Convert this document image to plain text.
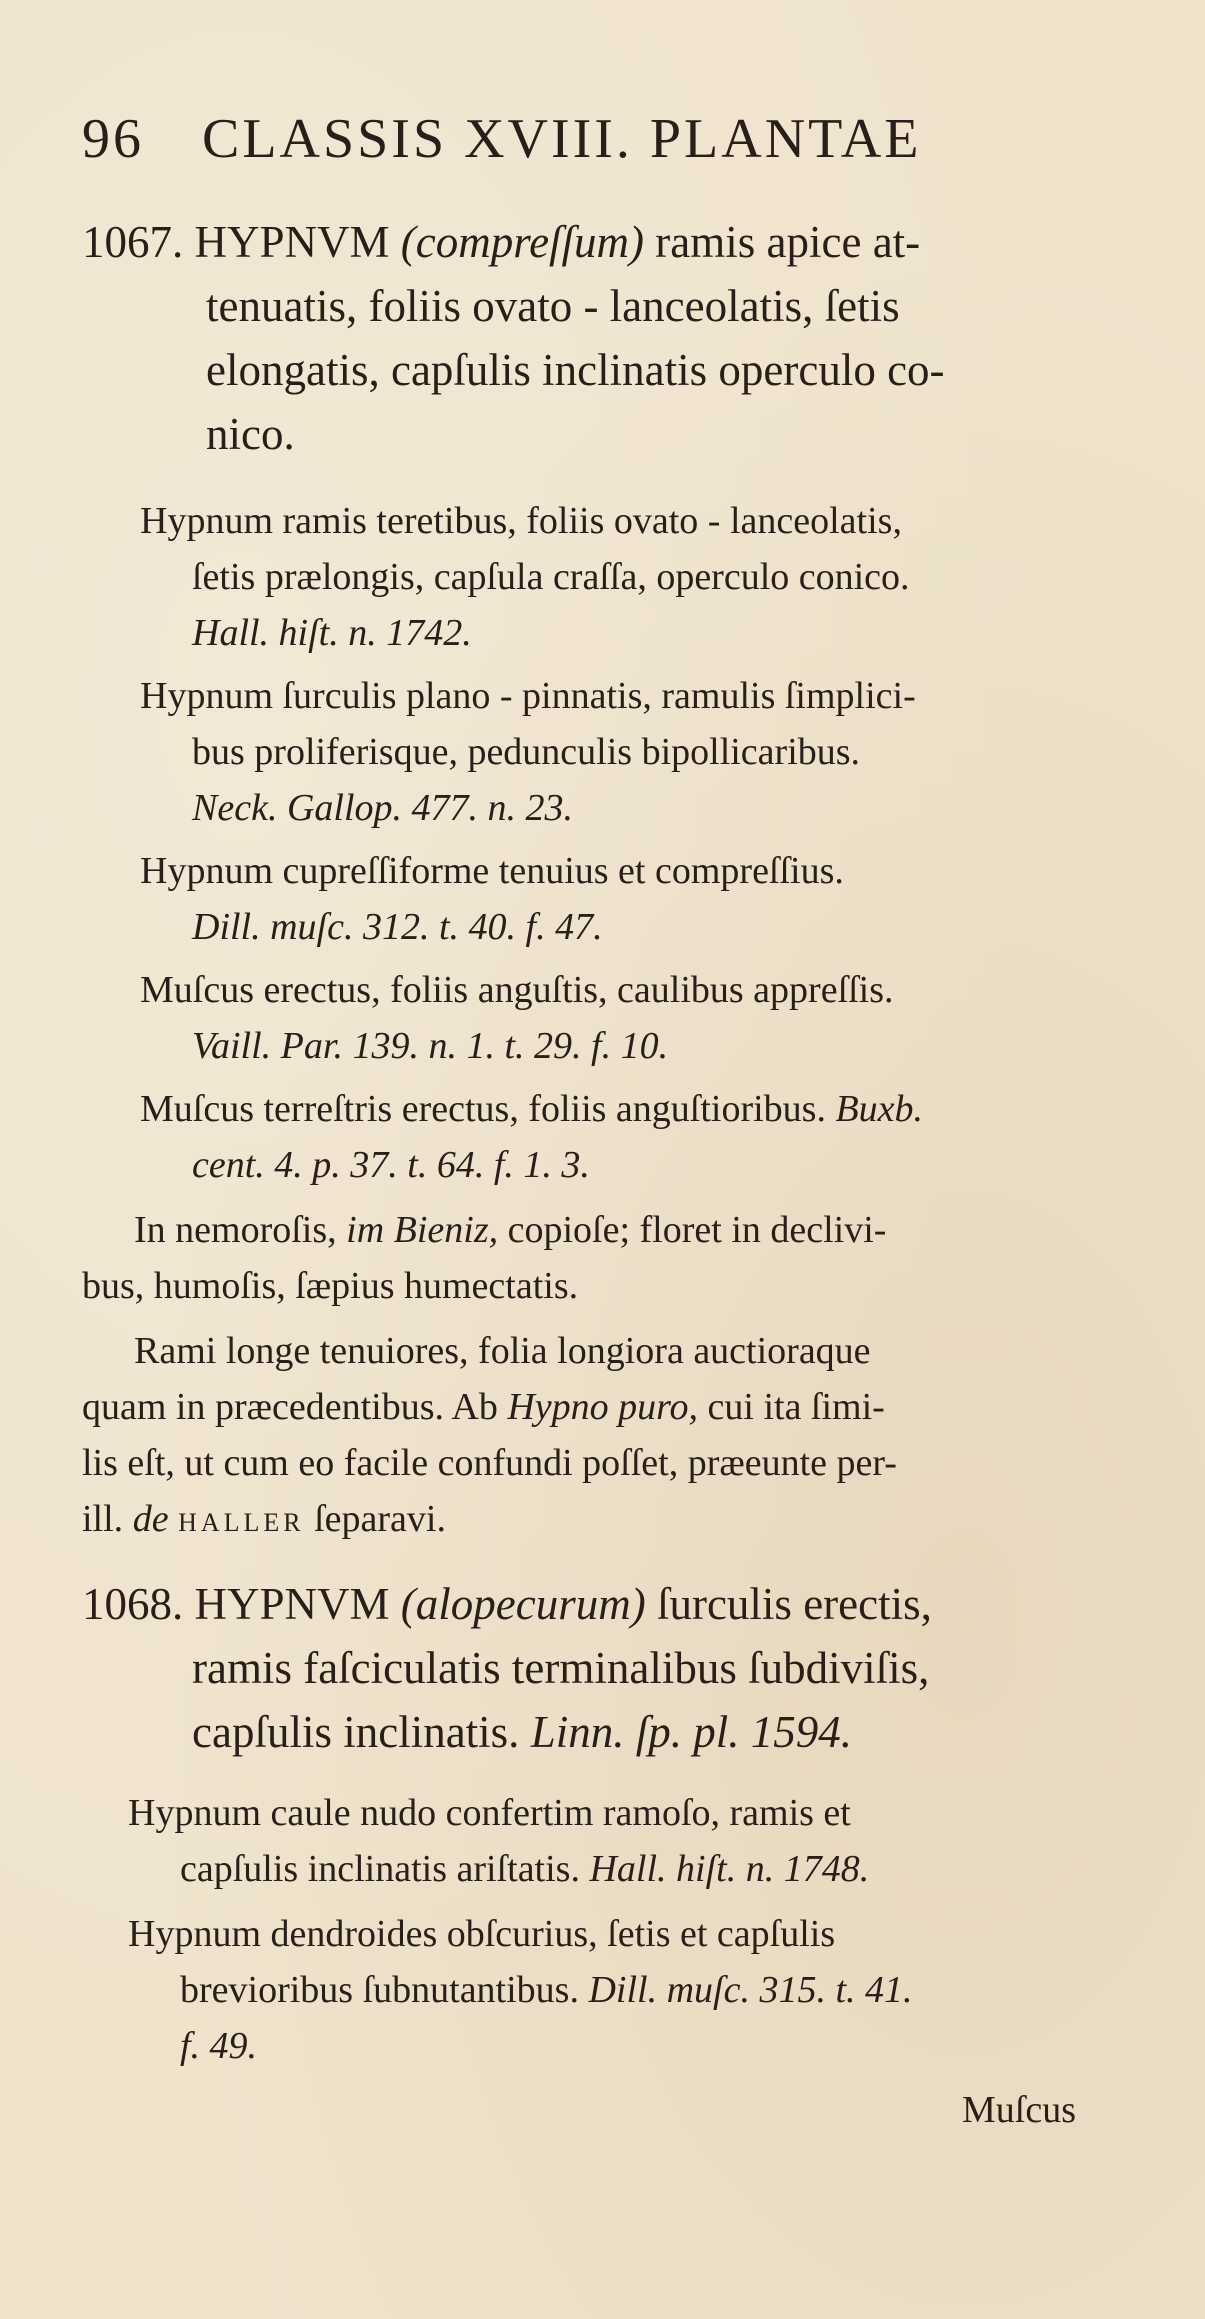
96 CLASSIS XVIII. PLANTAE
1067. HYPNVM (compreſſum) ramis apice at-
tenuatis, foliis ovato - lanceolatis, ſetis
elongatis, capſulis inclinatis operculo co-
nico.
Hypnum ramis teretibus, foliis ovato - lanceolatis,
ſetis prælongis, capſula craſſa, operculo conico.
Hall. hiſt. n. 1742.
Hypnum ſurculis plano - pinnatis, ramulis ſimplici-
bus proliferisque, pedunculis bipollicaribus.
Neck. Gallop. 477. n. 23.
Hypnum cupreſſiforme tenuius et compreſſius.
Dill. muſc. 312. t. 40. f. 47.
Muſcus erectus, foliis anguſtis, caulibus appreſſis.
Vaill. Par. 139. n. 1. t. 29. f. 10.
Muſcus terreſtris erectus, foliis anguſtioribus. Buxb.
cent. 4. p. 37. t. 64. f. 1. 3.
In nemoroſis, im Bieniz, copioſe; floret in declivi-
bus, humoſis, ſæpius humectatis.
Rami longe tenuiores, folia longiora auctioraque
quam in præcedentibus. Ab Hypno puro, cui ita ſimi-
lis eſt, ut cum eo facile confundi poſſet, præeunte per-
ill. de HALLER ſeparavi.
1068. HYPNVM (alopecurum) ſurculis erectis,
ramis faſciculatis terminalibus ſubdiviſis,
capſulis inclinatis. Linn. ſp. pl. 1594.
Hypnum caule nudo confertim ramoſo, ramis et
capſulis inclinatis ariſtatis. Hall. hiſt. n. 1748.
Hypnum dendroides obſcurius, ſetis et capſulis
brevioribus ſubnutantibus. Dill. muſc. 315. t. 41.
f. 49.
Muſcus
